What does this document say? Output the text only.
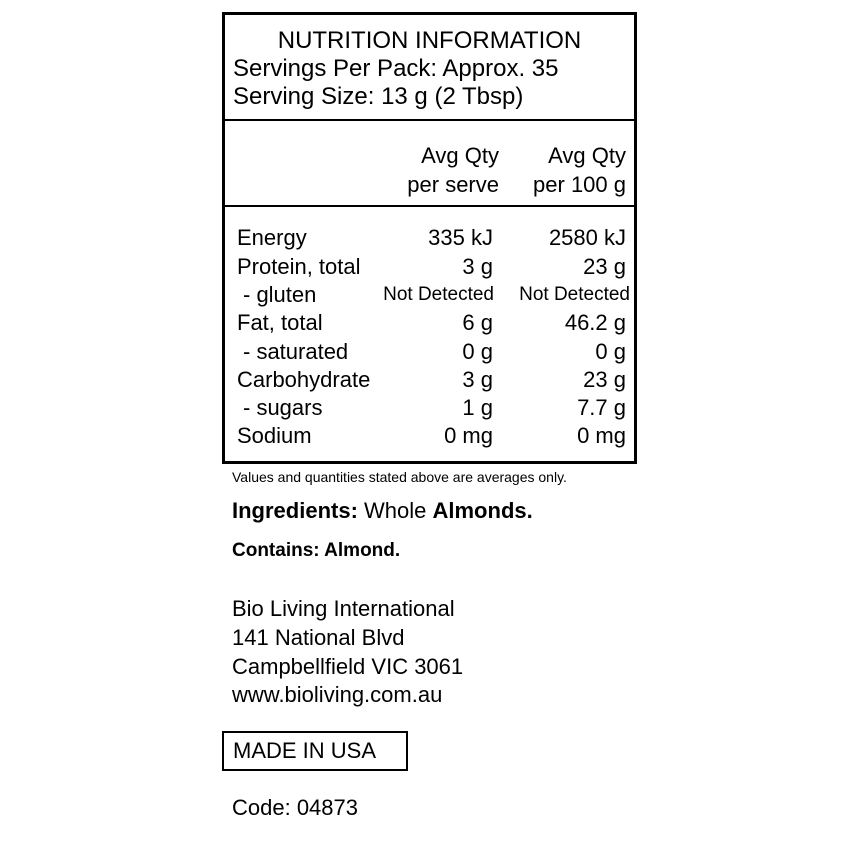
NUTRITION INFORMATION
Servings Per Pack: Approx. 35
Serving Size: 13 g (2 Tbsp)
Avg Qty
per serve
Avg Qty
per 100 g
Energy	335 kJ	2580 kJ
Protein, total	3 g	23 g
- gluten	Not Detected Not Detected
Fat, total	6 g	46.2 g
- saturated	0 g	0 g
Carbohydrate	3 g	23 g
- sugars	1 g	7.7 g
Sodium	0 mg	0 mg
Values and quantities stated above are averages only.
Ingredients: Whole Almonds.
Contains: Almond.
Bio Living International
141 National Blvd
Campbellfield VIC 3061
www.bioliving.com.au
MADE IN USA
Code: 04873
